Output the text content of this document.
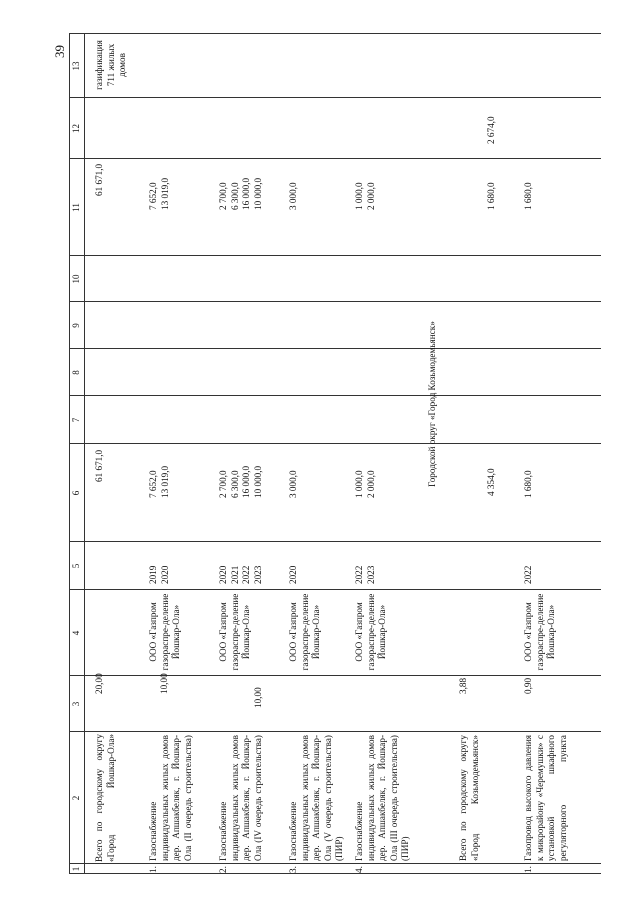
39
1
2
3
4
5
6
7
8
9
10
11
12
13
Всего по городскому округу «Город Йошкар-Ола»
20,00
61 671,0
61 671,0
газификация 711 жилых домов
1.
Газоснабжение индивидуальных жилых домов дер. Апшакбеляк, г. Йошкар-Ола (II очередь строительства)
10,00
ООО «Газпром газораспре-деление Йошкар-Ола»
2019
2020
7 652,0
13 019,0
7 652,0
13 019,0
2.
Газоснабжение индивидуальных жилых домов дер. Апшакбеляк, г. Йошкар-Ола (IV очередь строительства)
10,00
ООО «Газпром газораспре-деление Йошкар-Ола»
2020
2021
2022
2023
2 700,0
6 300,0
16 000,0
10 000,0
2 700,0
6 300,0
16 000,0
10 000,0
3.
Газоснабжение индивидуальных жилых домов дер. Апшакбеляк, г. Йошкар-Ола (V очередь строительства) (ПИР)
ООО «Газпром газораспре-деление Йошкар-Ола»
2020
3 000,0
3 000,0
4.
Газоснабжение индивидуальных жилых домов дер. Апшакбеляк, г. Йошкар-Ола (III очередь строительства) (ПИР)
ООО «Газпром газораспре-деление Йошкар-Ола»
2022
2023
1 000,0
2 000,0
1 000,0
2 000,0
Городской округ «Город Козьмодемьянск»
Всего по городскому округу «Город Козьмодемьянск»
3,88
4 354,0
1 680,0
2 674,0
1.
Газопровод высокого давления к микрорайону «Черемушки» с установкой шкафного регуляторного пункта
0,90
ООО «Газпром газораспре-деление Йошкар-Ола»
2022
1 680,0
1 680,0
